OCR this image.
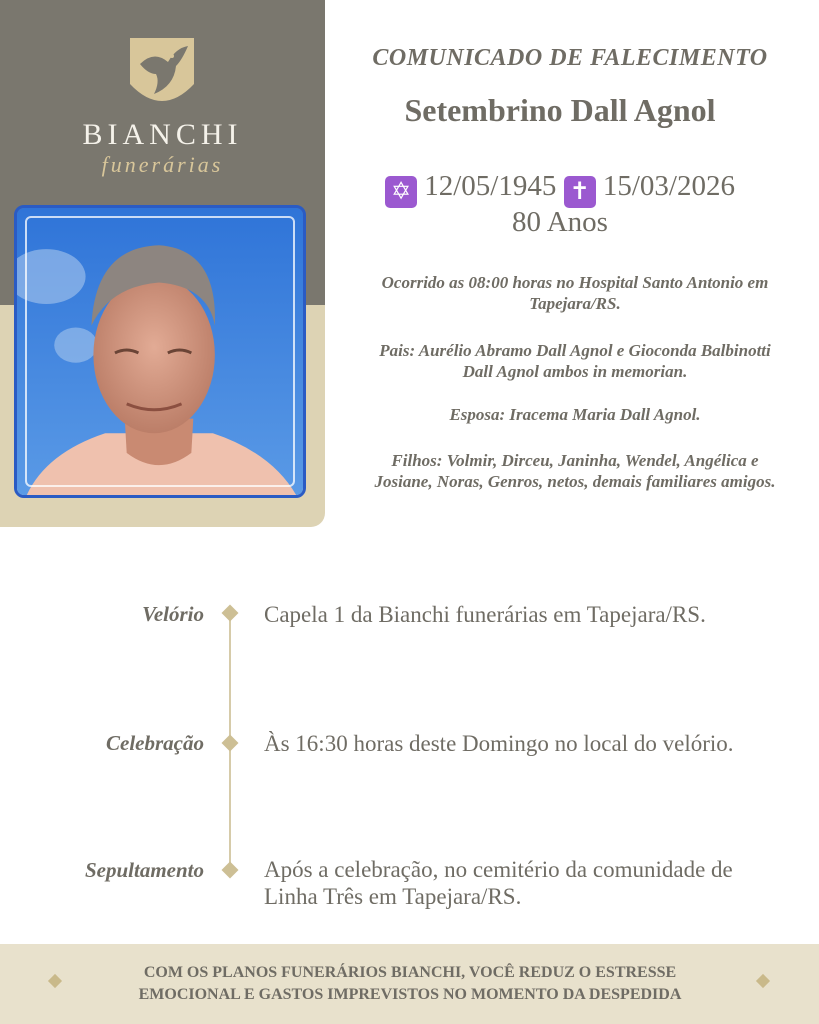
BIANCHI
funerárias
COMUNICADO DE FALECIMENTO
Setembrino Dall Agnol
✡ 12/05/1945 ✝ 15/03/2026
80 Anos
Ocorrido as 08:00 horas no Hospital Santo Antonio em Tapejara/RS.
Pais: Aurélio Abramo Dall Agnol e Gioconda Balbinotti Dall Agnol ambos in memorian.
Esposa: Iracema Maria Dall Agnol.
Filhos: Volmir, Dirceu, Janinha, Wendel, Angélica e Josiane, Noras, Genros, netos, demais familiares amigos.
Velório	Capela 1 da Bianchi funerárias em Tapejara/RS.
Celebração	Às 16:30 horas deste Domingo no local do velório.
Sepultamento	Após a celebração, no cemitério da comunidade de Linha Três em Tapejara/RS.
COM OS PLANOS FUNERÁRIOS BIANCHI, VOCÊ REDUZ O ESTRESSE
EMOCIONAL E GASTOS IMPREVISTOS NO MOMENTO DA DESPEDIDA
